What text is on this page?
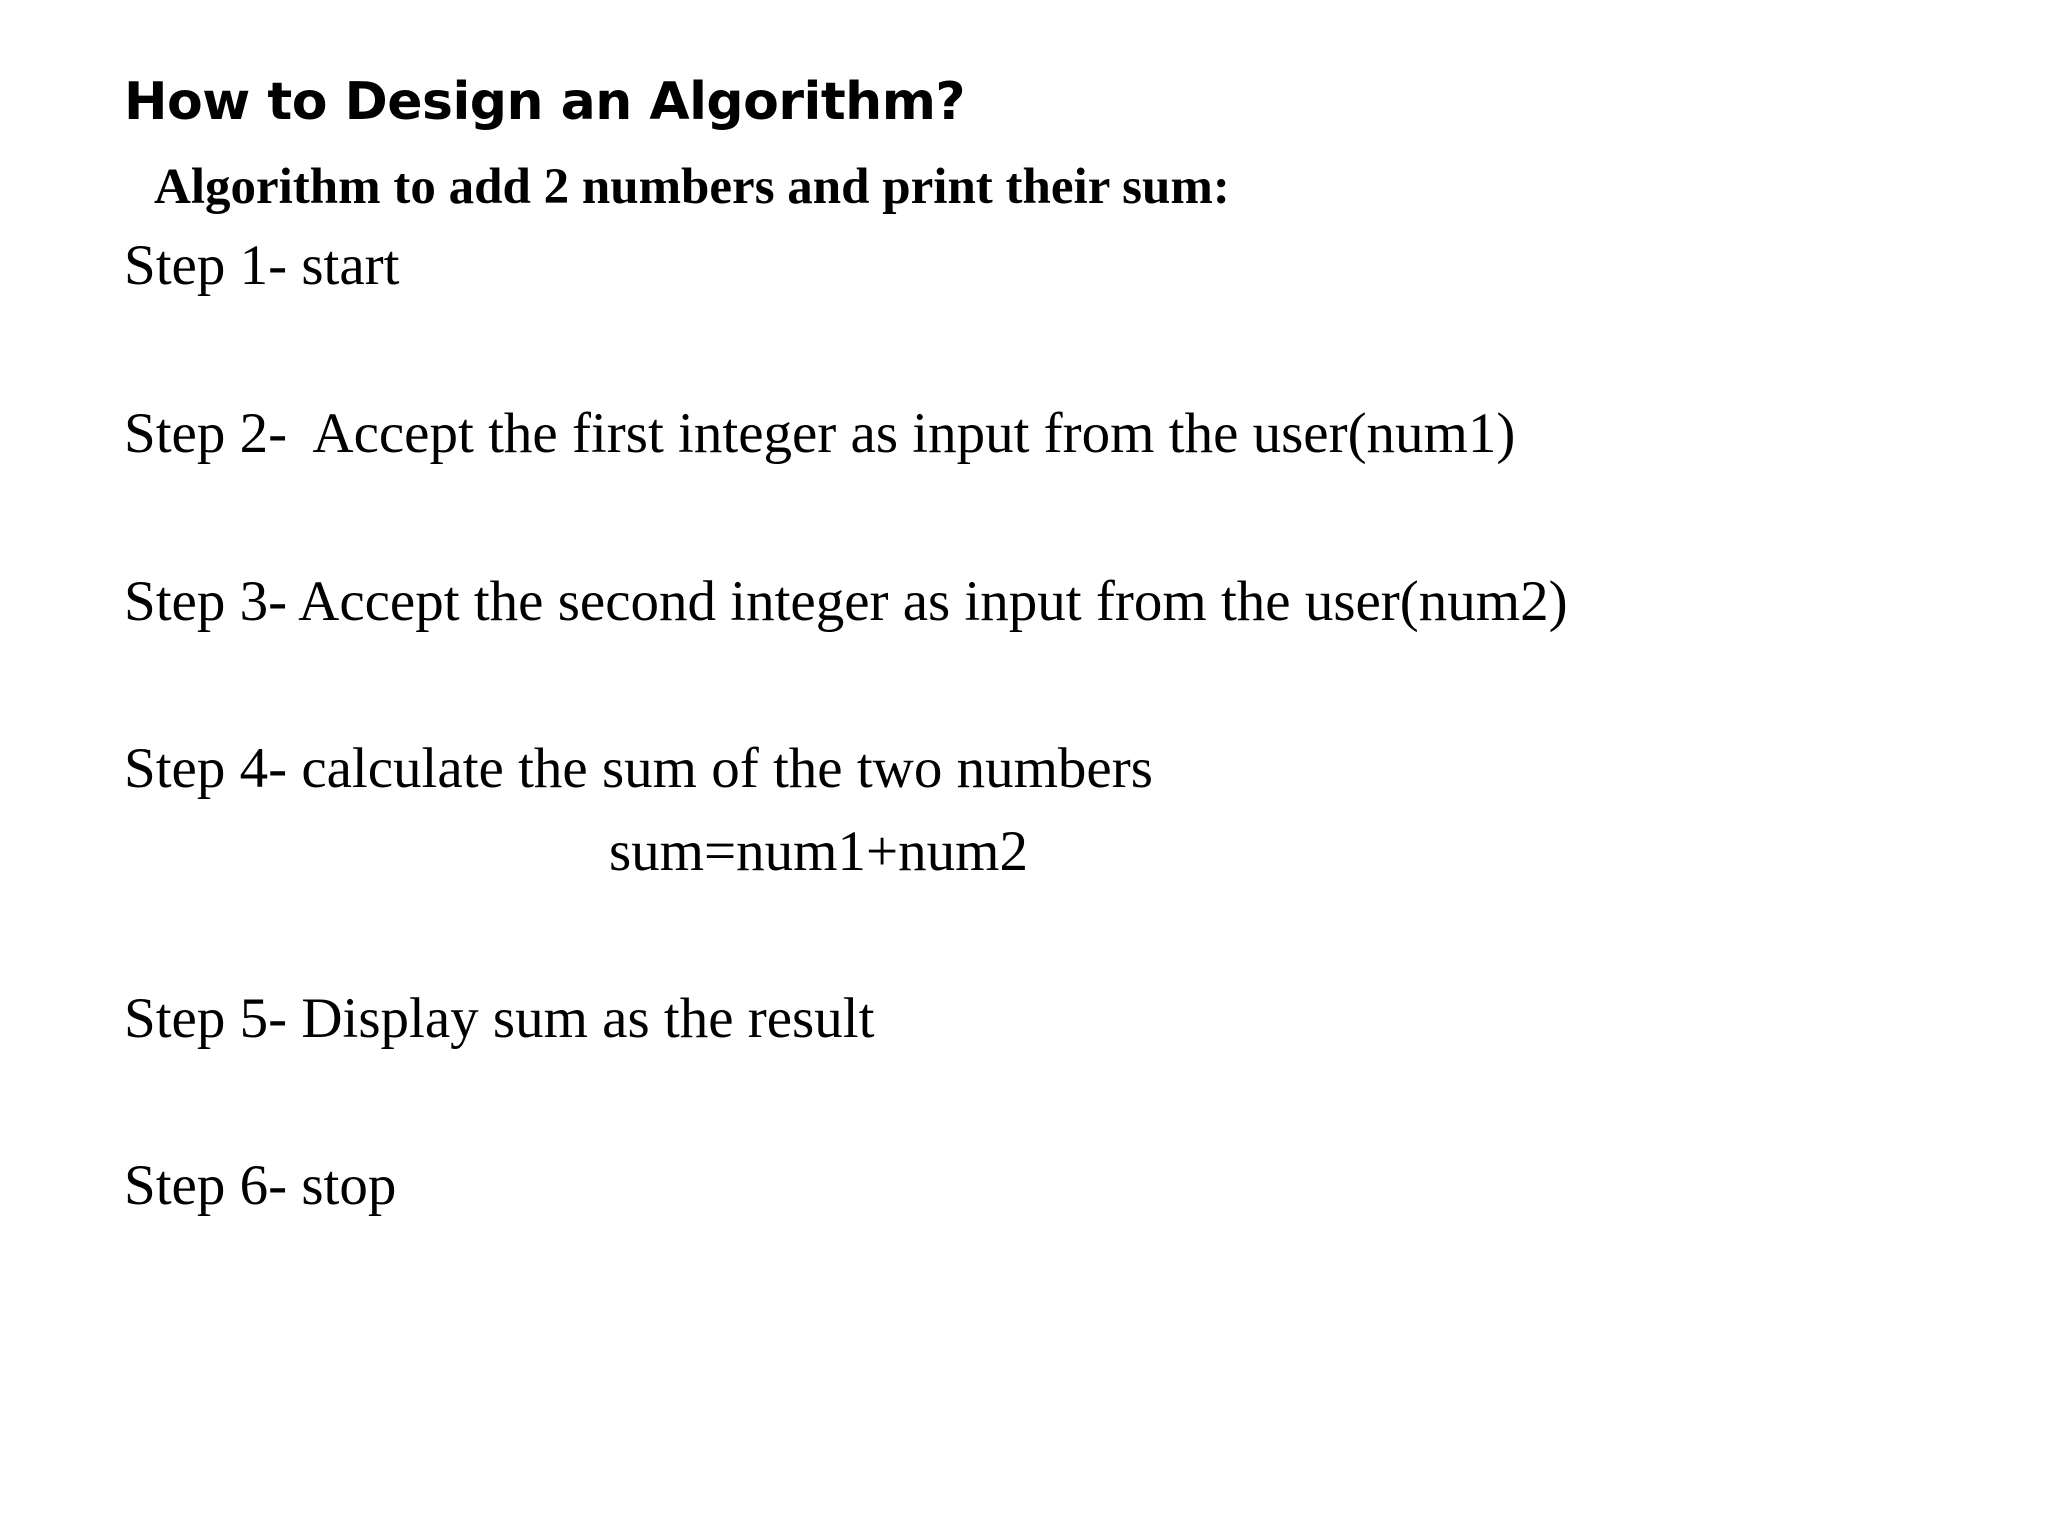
How to Design an Algorithm?

Algorithm to add 2 numbers and print their sum:

Step 1- start

Step 2-  Accept the first integer as input from the user(num1)

Step 3- Accept the second integer as input from the user(num2)

Step 4- calculate the sum of the two numbers

sum=num1+num2

Step 5- Display sum as the result

Step 6- stop
